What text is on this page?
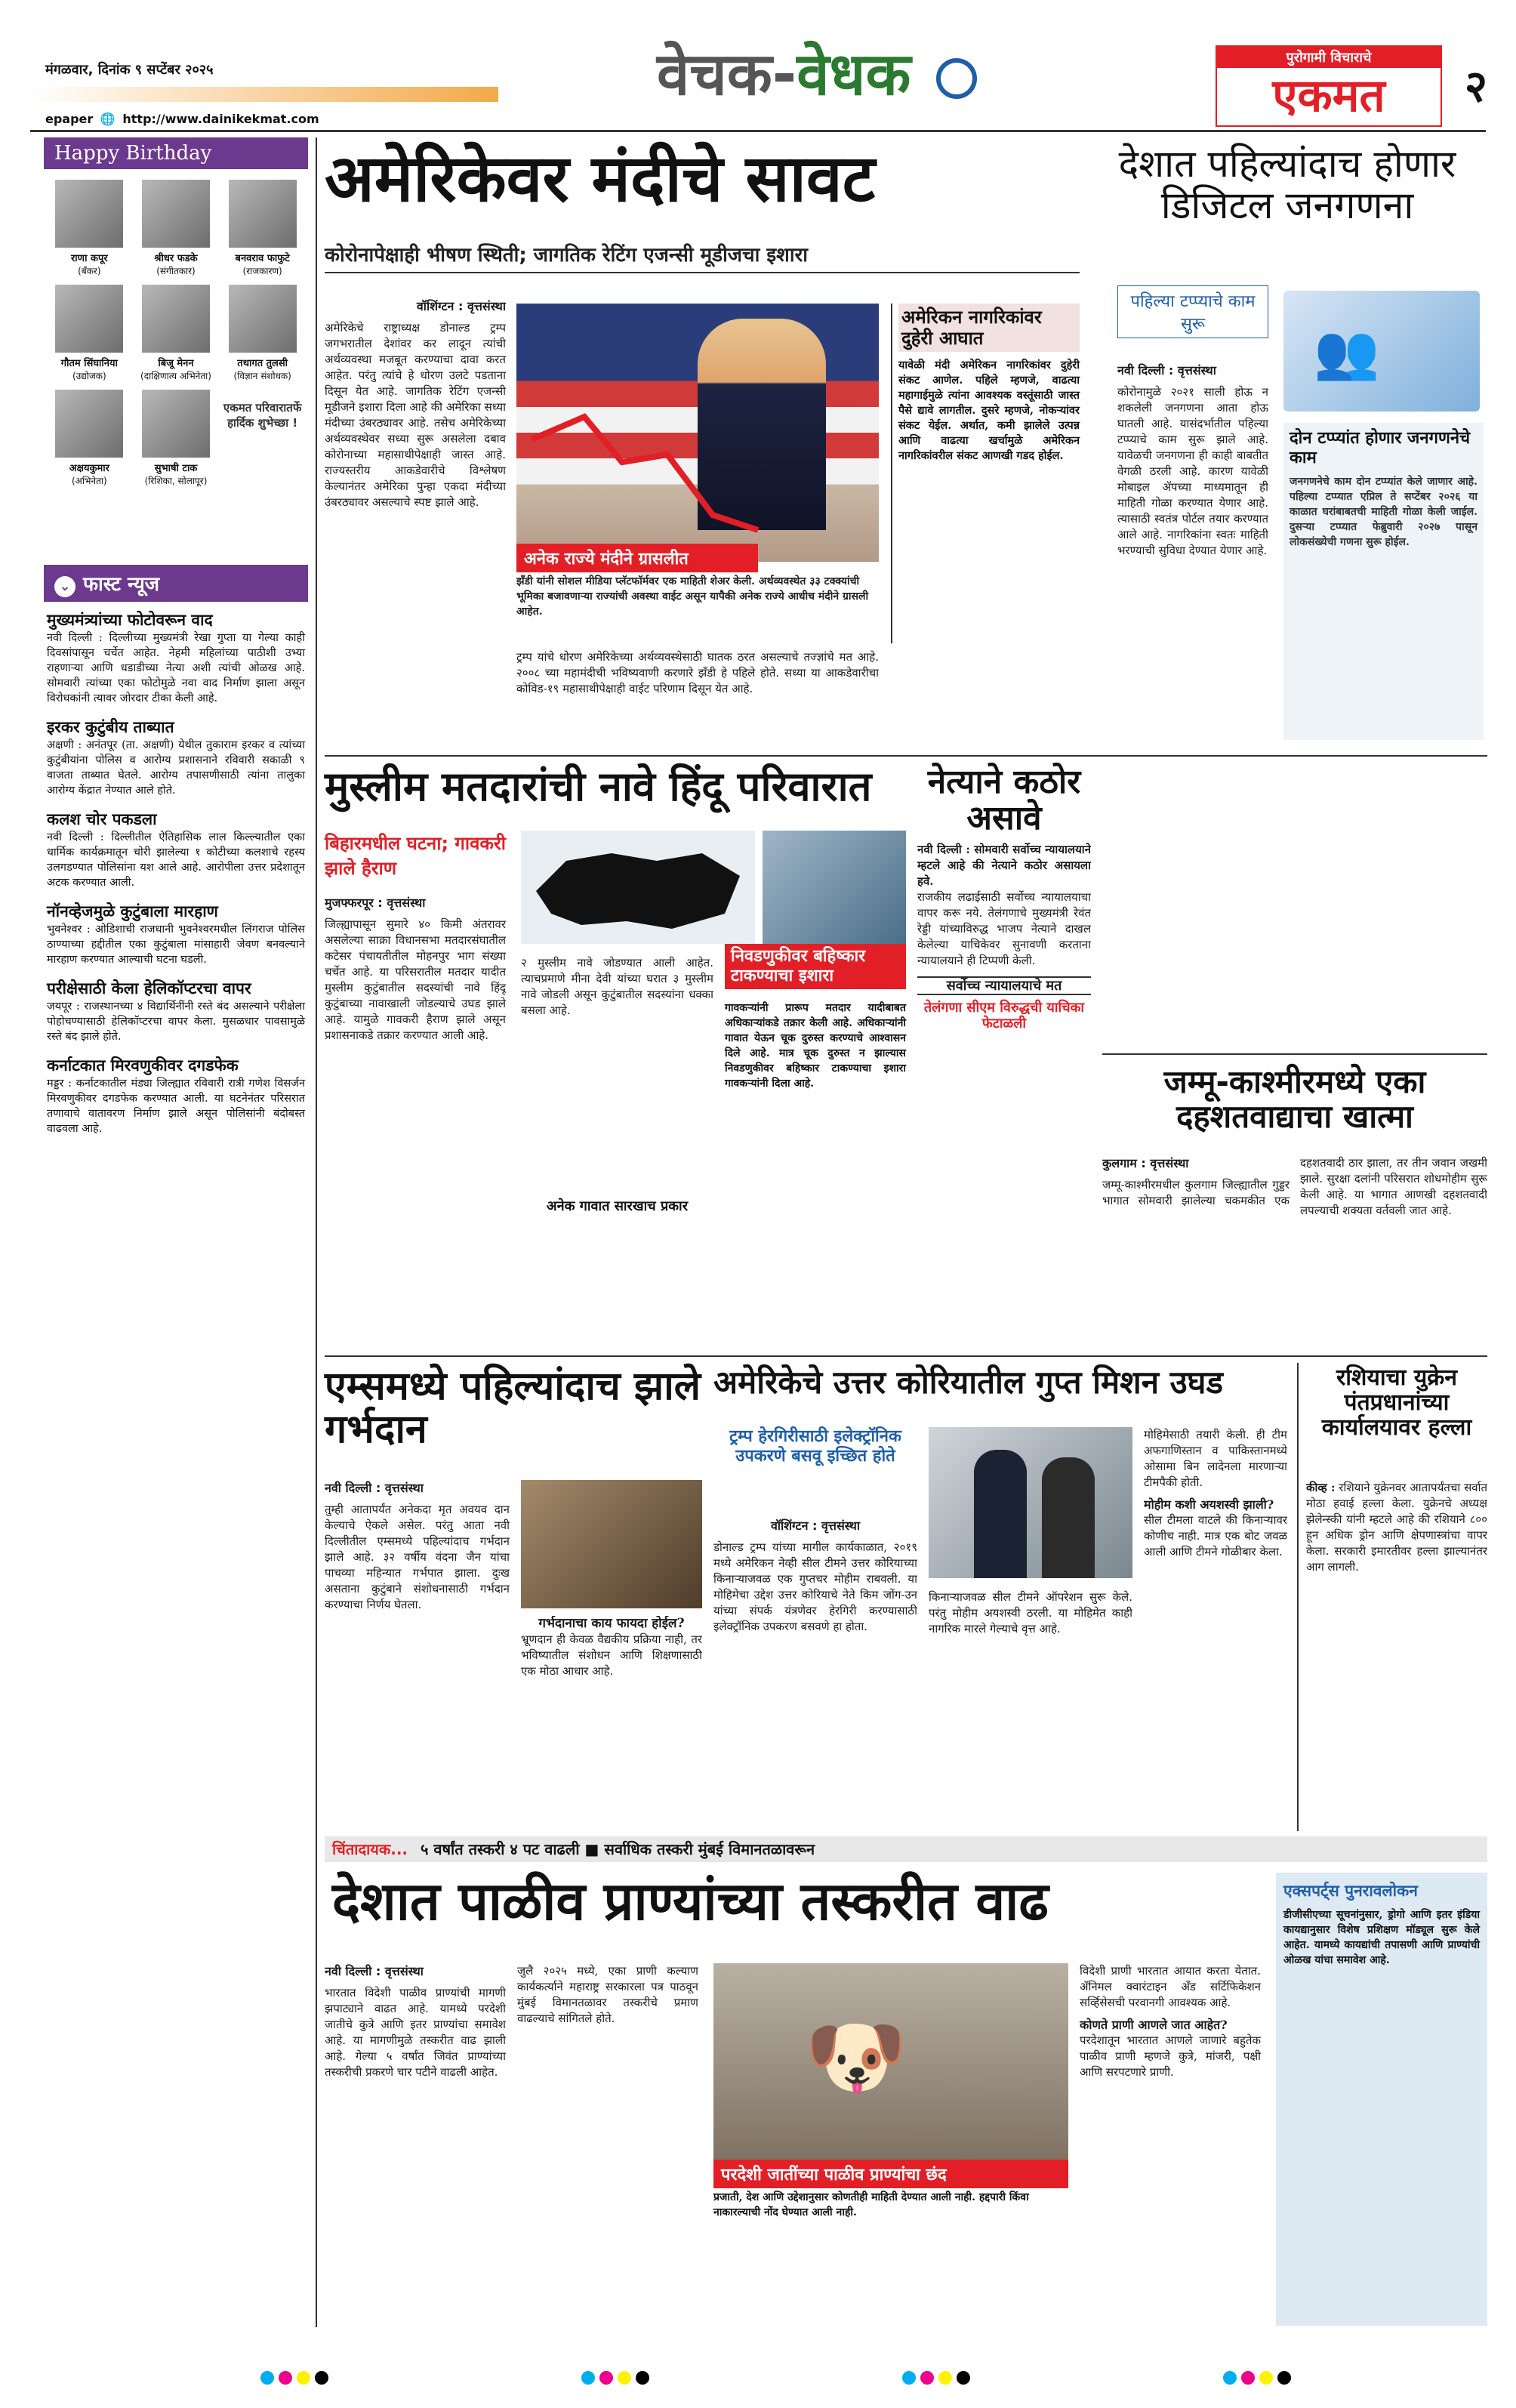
मंगळवार, दिनांक ९ सप्टेंबर २०२५
epaper 🌐 http://www.dainikekmat.com
वेचक-वेधक	पुरोगामी विचाराचे
एकमत	२
Happy Birthday
राणा कपूर
(बँकर)
श्रीधर फडके
(संगीतकार)
बनवराव फाफुटे
(राजकारण)
गौतम सिंघानिया
(उद्योजक)
बिजू मेनन
(दाक्षिणात्य अभिनेता)
तथागत तुलसी
(विज्ञान संशोधक)
अक्षयकुमार
(अभिनेता)
सुभाषी टाक
(रिशिका, सोलापूर)
एकमत परिवारातर्फे हार्दिक शुभेच्छा !
⌄ फास्ट न्यूज
मुख्यमंत्र्यांच्या फोटोवरून वाद
नवी दिल्ली : दिल्लीच्या मुख्यमंत्री रेखा गुप्ता या गेल्या काही दिवसांपासून चर्चेत आहेत. नेहमी महिलांच्या पाठीशी उभ्या राहणाऱ्या आणि धडाडीच्या नेत्या अशी त्यांची ओळख आहे. सोमवारी त्यांच्या एका फोटोमुळे नवा वाद निर्माण झाला असून विरोधकांनी त्यावर जोरदार टीका केली आहे.
इरकर कुटुंबीय ताब्यात
अक्षणी : अनंतपूर (ता. अक्षणी) येथील तुकाराम इरकर व त्यांच्या कुटुंबीयांना पोलिस व आरोग्य प्रशासनाने रविवारी सकाळी ९ वाजता ताब्यात घेतले. आरोग्य तपासणीसाठी त्यांना तालुका आरोग्य केंद्रात नेण्यात आले होते.
कलश चोर पकडला
नवी दिल्ली : दिल्लीतील ऐतिहासिक लाल किल्ल्यातील एका धार्मिक कार्यक्रमातून चोरी झालेल्या १ कोटीच्या कलशाचे रहस्य उलगडण्यात पोलिसांना यश आले आहे. आरोपीला उत्तर प्रदेशातून अटक करण्यात आली.
नॉनव्हेजमुळे कुटुंबाला मारहाण
भुवनेश्वर : ओडिशाची राजधानी भुवनेश्वरमधील लिंगराज पोलिस ठाण्याच्या हद्दीतील एका कुटुंबाला मांसाहारी जेवण बनवल्याने मारहाण करण्यात आल्याची घटना घडली.
परीक्षेसाठी केला हेलिकॉप्टरचा वापर
जयपूर : राजस्थानच्या ४ विद्यार्थिनींनी रस्ते बंद असल्याने परीक्षेला पोहोचण्यासाठी हेलिकॉप्टरचा वापर केला. मुसळधार पावसामुळे रस्ते बंद झाले होते.
कर्नाटकात मिरवणुकीवर दगडफेक
मड्डर : कर्नाटकातील मंड्या जिल्ह्यात रविवारी रात्री गणेश विसर्जन मिरवणुकीवर दगडफेक करण्यात आली. या घटनेनंतर परिसरात तणावाचे वातावरण निर्माण झाले असून पोलिसांनी बंदोबस्त वाढवला आहे.
अमेरिकेवर मंदीचे सावट
कोरोनापेक्षाही भीषण स्थिती; जागतिक रेटिंग एजन्सी मूडीजचा इशारा
वॉशिंग्टन : वृत्तसंस्था
अमेरिकेचे राष्ट्राध्यक्ष डोनाल्ड ट्रम्प जगभरातील देशांवर कर लादून त्यांची अर्थव्यवस्था मजबूत करण्याचा दावा करत आहेत. परंतु त्यांचे हे धोरण उलटे पडताना दिसून येत आहे. जागतिक रेटिंग एजन्सी मूडीजने इशारा दिला आहे की अमेरिका सध्या मंदीच्या उंबरठ्यावर आहे. तसेच अमेरिकेच्या अर्थव्यवस्थेवर सध्या सुरू असलेला दबाव कोरोनाच्या महासाथीपेक्षाही जास्त आहे. राज्यस्तरीय आकडेवारीचे विश्लेषण केल्यानंतर अमेरिका पुन्हा एकदा मंदीच्या उंबरठ्यावर असल्याचे स्पष्ट झाले आहे.
अनेक राज्ये मंदीने ग्रासलीत
झँडी यांनी सोशल मीडिया प्लॅटफॉर्मवर एक माहिती शेअर केली. अर्थव्यवस्थेत ३३ टक्क्यांची भूमिका बजावणाऱ्या राज्यांची अवस्था वाईट असून यापैकी अनेक राज्ये आधीच मंदीने ग्रासली आहेत.
अमेरिकन नागरिकांवर दुहेरी आघात
यावेळी मंदी अमेरिकन नागरिकांवर दुहेरी संकट आणेल. पहिले म्हणजे, वाढत्या महागाईमुळे त्यांना आवश्यक वस्तूंसाठी जास्त पैसे द्यावे लागतील. दुसरे म्हणजे, नोकऱ्यांवर संकट येईल. अर्थात, कमी झालेले उत्पन्न आणि वाढत्या खर्चामुळे अमेरिकन नागरिकांवरील संकट आणखी गडद होईल.
ट्रम्प यांचे धोरण अमेरिकेच्या अर्थव्यवस्थेसाठी घातक ठरत असल्याचे तज्ज्ञांचे मत आहे. २००८ च्या महामंदीची भविष्यवाणी करणारे झँडी हे पहिले होते. सध्या या आकडेवारीचा कोविड-१९ महासाथीपेक्षाही वाईट परिणाम दिसून येत आहे.
देशात पहिल्यांदाच होणार डिजिटल जनगणना
पहिल्या टप्प्याचे काम सुरू	👥
नवी दिल्ली : वृत्तसंस्था
कोरोनामुळे २०२१ साली होऊ न शकलेली जनगणना आता होऊ घातली आहे. यासंदर्भातील पहिल्या टप्प्याचे काम सुरू झाले आहे. यावेळची जनगणना ही काही बाबतीत वेगळी ठरली आहे. कारण यावेळी मोबाइल ॲपच्या माध्यमातून ही माहिती गोळा करण्यात येणार आहे. त्यासाठी स्वतंत्र पोर्टल तयार करण्यात आले आहे. नागरिकांना स्वतः माहिती भरण्याची सुविधा देण्यात येणार आहे.
दोन टप्प्यांत होणार जनगणनेचे काम
जनगणनेचे काम दोन टप्प्यांत केले जाणार आहे. पहिल्या टप्प्यात एप्रिल ते सप्टेंबर २०२६ या काळात घरांबाबतची माहिती गोळा केली जाईल. दुसऱ्या टप्प्यात फेब्रुवारी २०२७ पासून लोकसंख्येची गणना सुरू होईल.
मुस्लीम मतदारांची नावे हिंदू परिवारात
बिहारमधील घटना; गावकरी झाले हैराण
मुजफ्फरपूर : वृत्तसंस्था
जिल्ह्यापासून सुमारे ४० किमी अंतरावर असलेल्या साक्रा विधानसभा मतदारसंघातील कटेसर पंचायतीतील मोहनपुर भाग संख्या चर्चेत आहे. या परिसरातील मतदार यादीत मुस्लीम कुटुंबातील सदस्यांची नावे हिंदू कुटुंबाच्या नावाखाली जोडल्याचे उघड झाले आहे. यामुळे गावकरी हैराण झाले असून प्रशासनाकडे तक्रार करण्यात आली आहे.
निवडणुकीवर बहिष्कार टाकण्याचा इशारा
२ मुस्लीम नावे जोडण्यात आली आहेत. त्याचप्रमाणे मीना देवी यांच्या घरात ३ मुस्लीम नावे जोडली असून कुटुंबातील सदस्यांना धक्का बसला आहे.	गावकऱ्यांनी प्रारूप मतदार यादीबाबत अधिकाऱ्यांकडे तक्रार केली आहे. अधिकाऱ्यांनी गावात येऊन चूक दुरुस्त करण्याचे आश्वासन दिले आहे. मात्र चूक दुरुस्त न झाल्यास निवडणुकीवर बहिष्कार टाकण्याचा इशारा गावकऱ्यांनी दिला आहे.
अनेक गावात सारखाच प्रकार
नेत्याने कठोर असावे
नवी दिल्ली : सोमवारी सर्वोच्च न्यायालयाने म्हटले आहे की नेत्याने कठोर असायला हवे.
राजकीय लढाईसाठी सर्वोच्च न्यायालयाचा वापर करू नये. तेलंगणाचे मुख्यमंत्री रेवंत रेड्डी यांच्याविरुद्ध भाजप नेत्याने दाखल केलेल्या याचिकेवर सुनावणी करताना न्यायालयाने ही टिप्पणी केली.
सर्वोच्च न्यायालयाचे मत
तेलंगणा सीएम विरुद्धची याचिका फेटाळली
जम्मू-काश्मीरमध्ये एका दहशतवाद्याचा खात्मा
कुलगाम : वृत्तसंस्था
जम्मू-काश्मीरमधील कुलगाम जिल्ह्यातील गुड्डर भागात सोमवारी झालेल्या चकमकीत एक दहशतवादी ठार झाला, तर तीन जवान जखमी झाले. सुरक्षा दलांनी परिसरात शोधमोहीम सुरू केली आहे. या भागात आणखी दहशतवादी लपल्याची शक्यता वर्तवली जात आहे.
एम्समध्ये पहिल्यांदाच झाले गर्भदान
नवी दिल्ली : वृत्तसंस्था
तुम्ही आतापर्यंत अनेकदा मृत अवयव दान केल्याचे ऐकले असेल. परंतु आता नवी दिल्लीतील एम्समध्ये पहिल्यांदाच गर्भदान झाले आहे. ३२ वर्षीय वंदना जैन यांचा पाचव्या महिन्यात गर्भपात झाला. दुःख असताना कुटुंबाने संशोधनासाठी गर्भदान करण्याचा निर्णय घेतला.
गर्भदानाचा काय फायदा होईल?
भ्रूणदान ही केवळ वैद्यकीय प्रक्रिया नाही, तर भविष्यातील संशोधन आणि शिक्षणासाठी एक मोठा आधार आहे.
अमेरिकेचे उत्तर कोरियातील गुप्त मिशन उघड
ट्रम्प हेरगिरीसाठी इलेक्ट्रॉनिक उपकरणे बसवू इच्छित होते
वॉशिंग्टन : वृत्तसंस्था
डोनाल्ड ट्रम्प यांच्या मागील कार्यकाळात, २०१९ मध्ये अमेरिकन नेव्ही सील टीमने उत्तर कोरियाच्या किनाऱ्याजवळ एक गुप्तचर मोहीम राबवली. या मोहिमेचा उद्देश उत्तर कोरियाचे नेते किम जोंग-उन यांच्या संपर्क यंत्रणेवर हेरगिरी करण्यासाठी इलेक्ट्रॉनिक उपकरण बसवणे हा होता.
किनाऱ्याजवळ सील टीमने ऑपरेशन सुरू केले. परंतु मोहीम अयशस्वी ठरली. या मोहिमेत काही नागरिक मारले गेल्याचे वृत्त आहे.
मोहिमेसाठी तयारी केली. ही टीम अफगाणिस्तान व पाकिस्तानमध्ये ओसामा बिन लादेनला मारणाऱ्या टीमपैकी होती.
मोहीम कशी अयशस्वी झाली?
सील टीमला वाटले की किनाऱ्यावर कोणीच नाही. मात्र एक बोट जवळ आली आणि टीमने गोळीबार केला.
रशियाचा युक्रेन पंतप्रधानांच्या कार्यालयावर हल्ला
कीव्ह : रशियाने युक्रेनवर आतापर्यंतचा सर्वात मोठा हवाई हल्ला केला. युक्रेनचे अध्यक्ष झेलेन्स्की यांनी म्हटले आहे की रशियाने ८०० हून अधिक ड्रोन आणि क्षेपणास्त्रांचा वापर केला. सरकारी इमारतीवर हल्ला झाल्यानंतर आग लागली.
चिंतादायक... ५ वर्षांत तस्करी ४ पट वाढली ■ सर्वाधिक तस्करी मुंबई विमानतळावरून
देशात पाळीव प्राण्यांच्या तस्करीत वाढ
नवी दिल्ली : वृत्तसंस्था
भारतात विदेशी पाळीव प्राण्यांची मागणी झपाट्याने वाढत आहे. यामध्ये परदेशी जातीचे कुत्रे आणि इतर प्राण्यांचा समावेश आहे. या मागणीमुळे तस्करीत वाढ झाली आहे. गेल्या ५ वर्षांत जिवंत प्राण्यांच्या तस्करीची प्रकरणे चार पटीने वाढली आहेत.
जुलै २०२५ मध्ये, एका प्राणी कल्याण कार्यकर्त्याने महाराष्ट्र सरकारला पत्र पाठवून मुंबई विमानतळावर तस्करीचे प्रमाण वाढल्याचे सांगितले होते.	🐶
परदेशी जातींच्या पाळीव प्राण्यांचा छंद
प्रजाती, देश आणि उद्देशानुसार कोणतीही माहिती देण्यात आली नाही. हद्दपारी किंवा नाकारल्याची नोंद घेण्यात आली नाही.
विदेशी प्राणी भारतात आयात करता येतात. ॲनिमल क्वारंटाइन अँड सर्टिफिकेशन सर्व्हिसेसची परवानगी आवश्यक आहे.
कोणते प्राणी आणले जात आहेत?
परदेशातून भारतात आणले जाणारे बहुतेक पाळीव प्राणी म्हणजे कुत्रे, मांजरी, पक्षी आणि सरपटणारे प्राणी.
एक्सपर्ट्स पुनरावलोकन
डीजीसीएच्या सूचनांनुसार, ड्रोगो आणि इतर इंडिया कायद्यानुसार विशेष प्रशिक्षण मॉड्यूल सुरू केले आहेत. यामध्ये कायद्यांची तपासणी आणि प्राण्यांची ओळख यांचा समावेश आहे.
